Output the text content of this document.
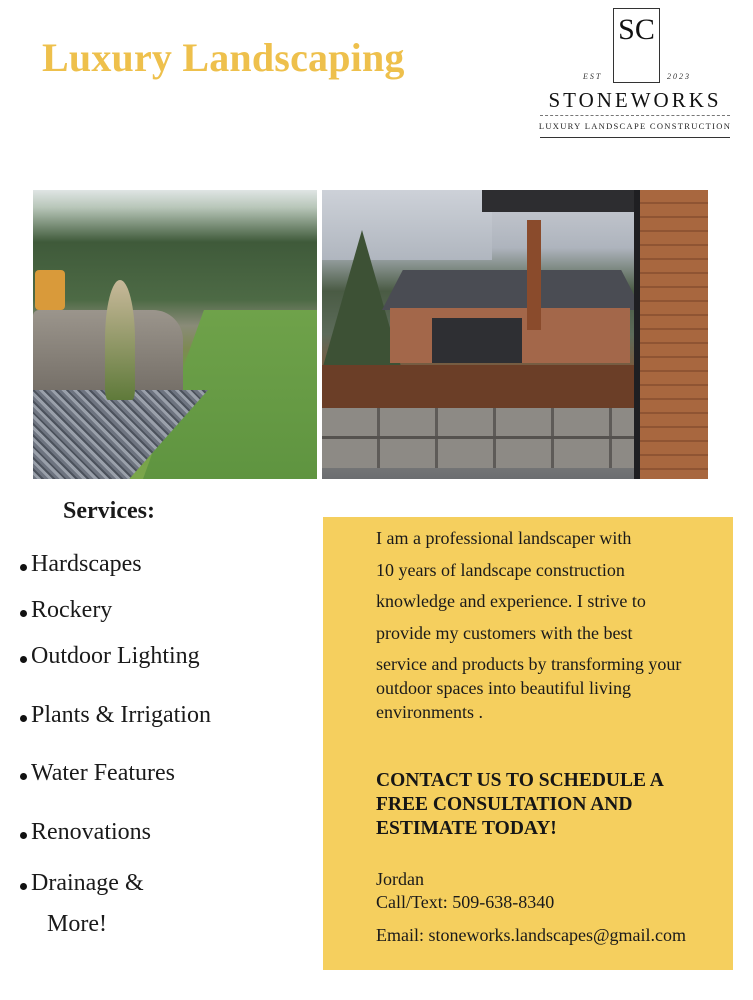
Luxury Landscaping
SC
EST	2023
STONEWORKS
LUXURY LANDSCAPE CONSTRUCTION
Services:
Hardscapes
Rockery
Outdoor Lighting
Plants & Irrigation
Water Features
Renovations
Drainage &
More!
I am a professional landscaper with
10 years of landscape construction
knowledge and experience. I strive to
provide my customers with the best
service and products by transforming your
outdoor spaces into beautiful living
environments .
CONTACT US TO SCHEDULE A
FREE CONSULTATION AND
ESTIMATE TODAY!
Jordan
Call/Text: 509-638-8340
Email: stoneworks.landscapes@gmail.com
